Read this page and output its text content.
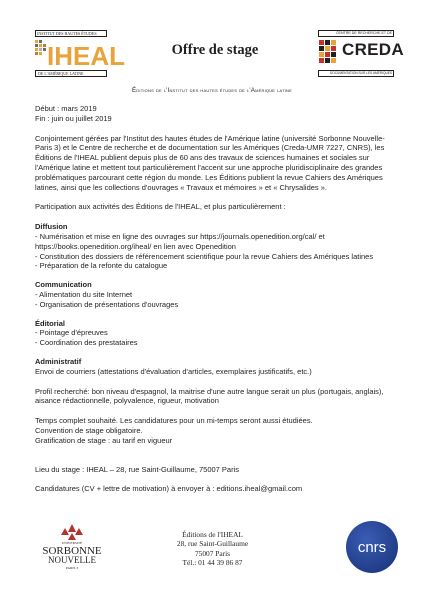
INSTITUT DES HAUTES ÉTUDES
IHEAL
DE L'AMÉRIQUE LATINE
Offre de stage
CENTRE DE RECHERCHE ET DE
CREDA
DOCUMENTATION SUR LES AMÉRIQUES
Éditions de l'Institut des hautes études de l'Amérique latine

Début : mars 2019

Fin : juin ou juillet 2019

Conjointement gérées par l'Institut des hautes études de l'Amérique latine (université Sorbonne Nouvelle-Paris 3) et le Centre de recherche et de documentation sur les Amériques (Creda-UMR 7227, CNRS), les Éditions de l'IHEAL publient depuis plus de 60 ans des travaux de sciences humaines et sociales sur l'Amérique latine et mettent tout particulièrement l'accent sur une approche pluridisciplinaire des grandes problématiques parcourant cette région du monde. Les Éditions publient la revue Cahiers des Amériques latines, ainsi que les collections d'ouvrages « Travaux et mémoires » et « Chrysalides ».

Participation aux activités des Éditions de l'IHEAL, et plus particulièrement :

Diffusion

- Numérisation et mise en ligne des ouvrages sur https://journals.openedition.org/cal/ et https://books.openedition.org/iheal/ en lien avec Openedition

- Constitution des dossiers de référencement scientifique pour la revue Cahiers des Amériques latines

- Préparation de la refonte du catalogue

Communication

- Alimentation du site Internet

- Organisation de présentations d'ouvrages

Éditorial

- Pointage d'épreuves

- Coordination des prestataires

Administratif

Envoi de courriers (attestations d'évaluation d'articles, exemplaires justificatifs, etc.)

Profil recherché: bon niveau d'espagnol, la maitrise d'une autre langue serait un plus (portugais, anglais), aisance rédactionnelle, polyvalence, rigueur, motivation

Temps complet souhaité. Les candidatures pour un mi-temps seront aussi étudiées.

Convention de stage obligatoire.

Gratification de stage : au tarif en vigueur

Lieu du stage : IHEAL – 28, rue Saint-Guillaume, 75007 Paris

Candidatures (CV + lettre de motivation) à envoyer à : editions.iheal@gmail.com

UNIVERSITÉ
SORBONNE
NOUVELLE
PARIS 3
Éditions de l'IHEAL
28, rue Saint-Guillaume
75007 Paris
Tél.: 01 44 39 86 87
cnrs
